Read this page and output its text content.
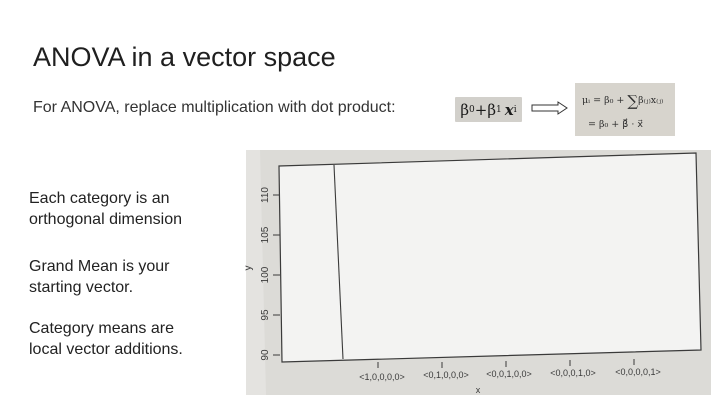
ANOVA in a vector space
For ANOVA, replace multiplication with dot product:	β 0 + β 1 x i
μᵢ = β₀ + ∑β₍ⱼ₎x₍ⱼ₎
= β₀ + β⃗ · x⃗
Each category is an
orthogonal dimension
Grand Mean is your
starting vector.
Category means are
local vector additions.	90
95
100
105
110
y
<1,0,0,0,0> <0,1,0,0,0> <0,0,1,0,0> <0,0,0,1,0> <0,0,0,0,1>
x
